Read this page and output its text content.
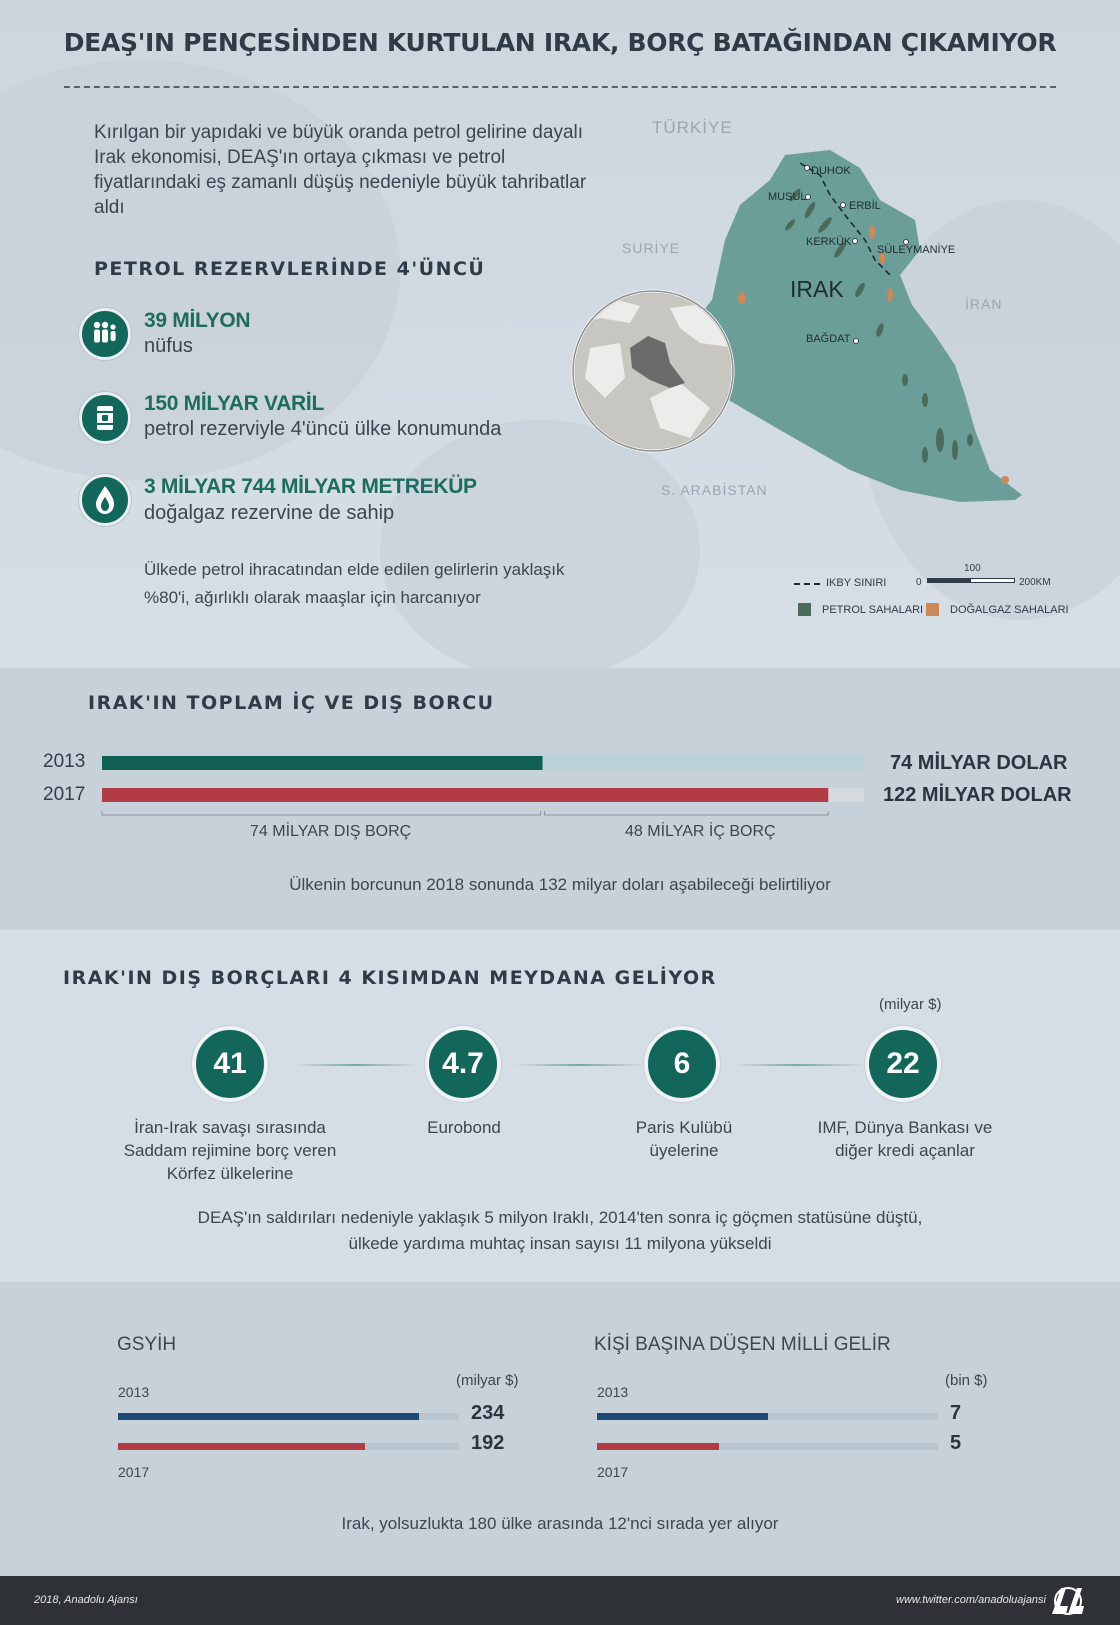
DEAŞ'IN PENÇESİNDEN KURTULAN IRAK, BORÇ BATAĞINDAN ÇIKAMIYOR
Kırılgan bir yapıdaki ve büyük oranda petrol gelirine dayalı Irak ekonomisi, DEAŞ'ın ortaya çıkması ve petrol fiyatlarındaki eş zamanlı düşüş nedeniyle büyük tahribatlar aldı
PETROL REZERVLERİNDE 4'ÜNCÜ
39 MİLYON
nüfus
150 MİLYAR VARİL
petrol rezerviyle 4'üncü ülke konumunda
3 MİLYAR 744 MİLYAR METREKÜP
doğalgaz rezervine de sahip
Ülkede petrol ihracatından elde edilen gelirlerin yaklaşık %80'i, ağırlıklı olarak maaşlar için harcanıyor
TÜRKİYE
SURİYE
İRAN
S. ARABİSTAN
DUHOK
MUSUL
ERBİL
KERKÜK
SÜLEYMANİYE
BAĞDAT
IRAK
IKBY SINIRI	0
100
200KM
PETROL SAHALARI DOĞALGAZ SAHALARI
IRAK'IN TOPLAM İÇ VE DIŞ BORCU
2013
2017
74 MİLYAR DOLAR
122 MİLYAR DOLAR
74 MİLYAR DIŞ BORÇ	48 MİLYAR İÇ BORÇ
Ülkenin borcunun 2018 sonunda 132 milyar doları aşabileceği belirtiliyor
IRAK'IN DIŞ BORÇLARI 4 KISIMDAN MEYDANA GELİYOR
(milyar $)
41	4.7	6	22
İran-Irak savaşı sırasında Saddam rejimine borç veren Körfez ülkelerine
Eurobond	Paris Kulübü üyelerine
IMF, Dünya Bankası ve diğer kredi açanlar
DEAŞ'ın saldırıları nedeniyle yaklaşık 5 milyon Iraklı, 2014'ten sonra iç göçmen statüsüne düştü, ülkede yardıma muhtaç insan sayısı 11 milyona yükseldi
GSYİH
(milyar $)
2013
234
192
2017
KİŞİ BAŞINA DÜŞEN MİLLİ GELİR
(bin $)
2013
7
5
2017
Irak, yolsuzlukta 180 ülke arasında 12'nci sırada yer alıyor
2018, Anadolu Ajansı	www.twitter.com/anadoluajansi
